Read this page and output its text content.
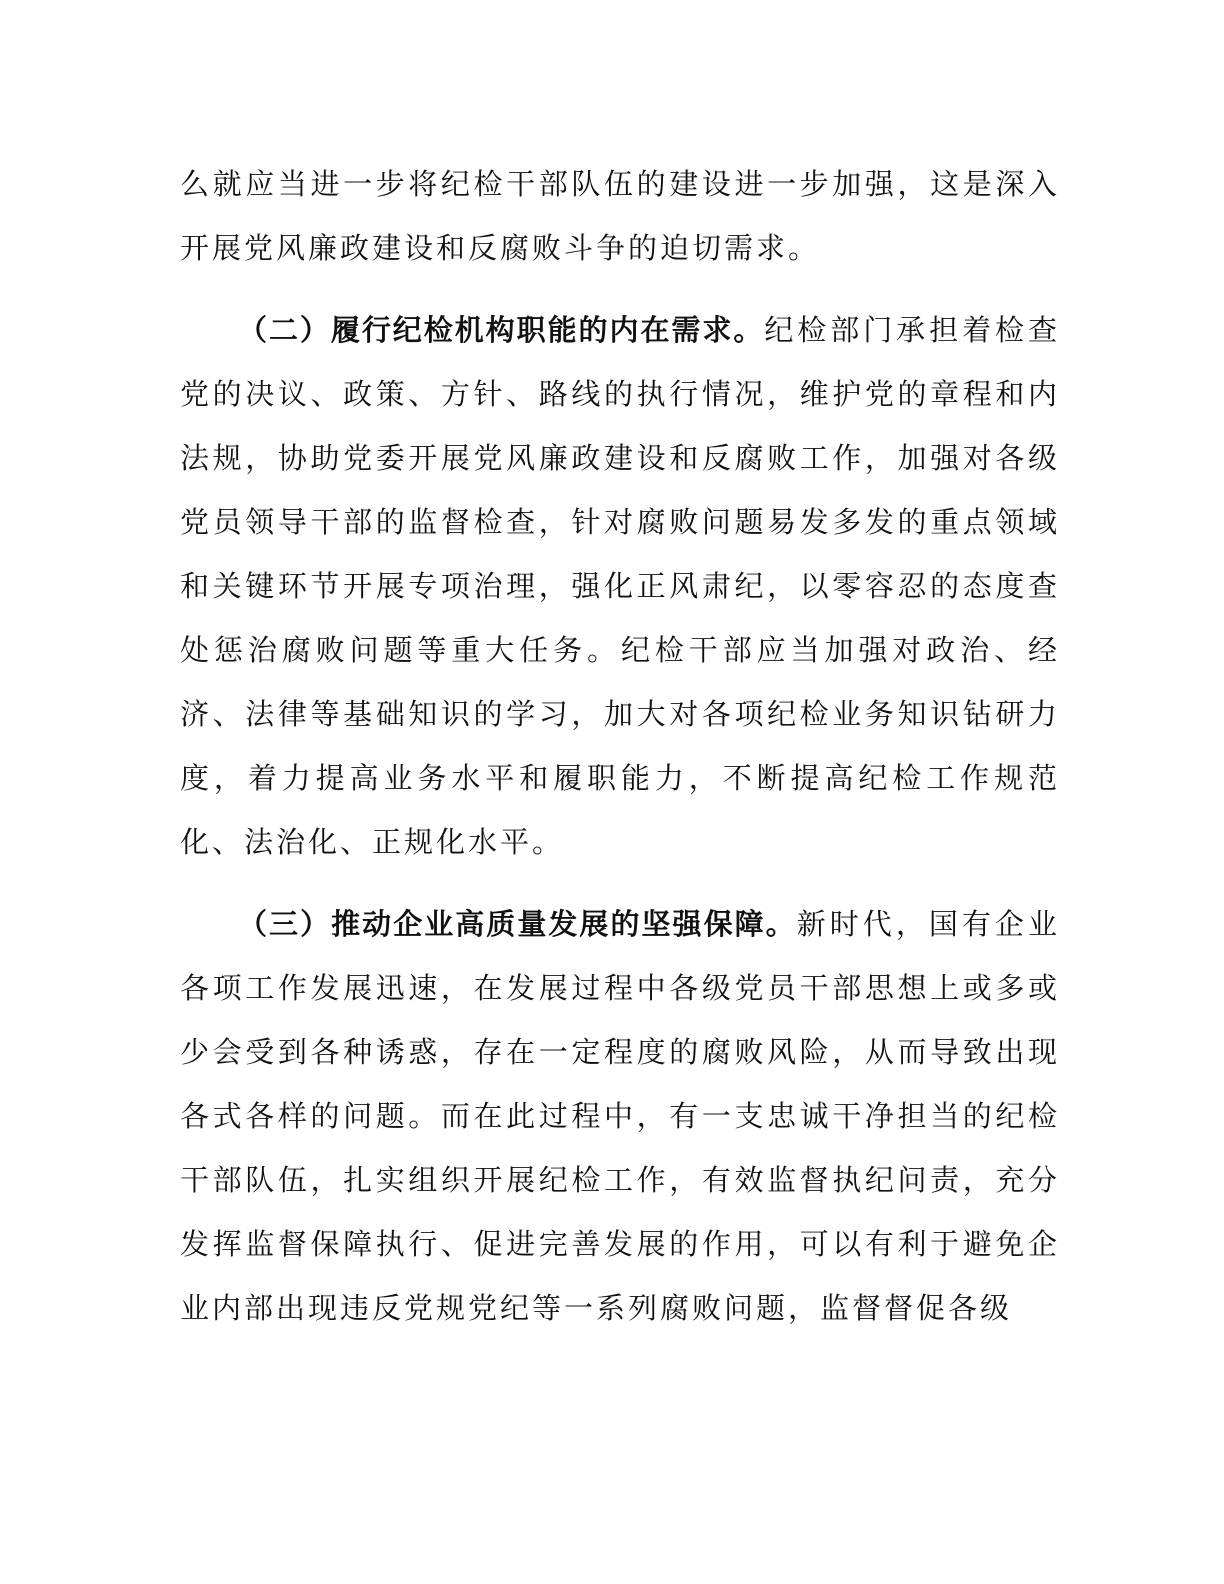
么就应当进一步将纪检干部队伍的建设进一步加强，这是深入开展党风廉政建设和反腐败斗争的迫切需求。

（二）履行纪检机构职能的内在需求。纪检部门承担着检查党的决议、政策、方针、路线的执行情况，维护党的章程和内法规，协助党委开展党风廉政建设和反腐败工作，加强对各级党员领导干部的监督检查，针对腐败问题易发多发的重点领域和关键环节开展专项治理，强化正风肃纪，以零容忍的态度查处惩治腐败问题等重大任务。纪检干部应当加强对政治、经济、法律等基础知识的学习，加大对各项纪检业务知识钻研力度，着力提高业务水平和履职能力，不断提高纪检工作规范化、法治化、正规化水平。

（三）推动企业高质量发展的坚强保障。新时代，国有企业各项工作发展迅速，在发展过程中各级党员干部思想上或多或少会受到各种诱惑，存在一定程度的腐败风险，从而导致出现各式各样的问题。而在此过程中，有一支忠诚干净担当的纪检干部队伍，扎实组织开展纪检工作，有效监督执纪问责，充分发挥监督保障执行、促进完善发展的作用，可以有利于避免企业内部出现违反党规党纪等一系列腐败问题，监督督促各级
